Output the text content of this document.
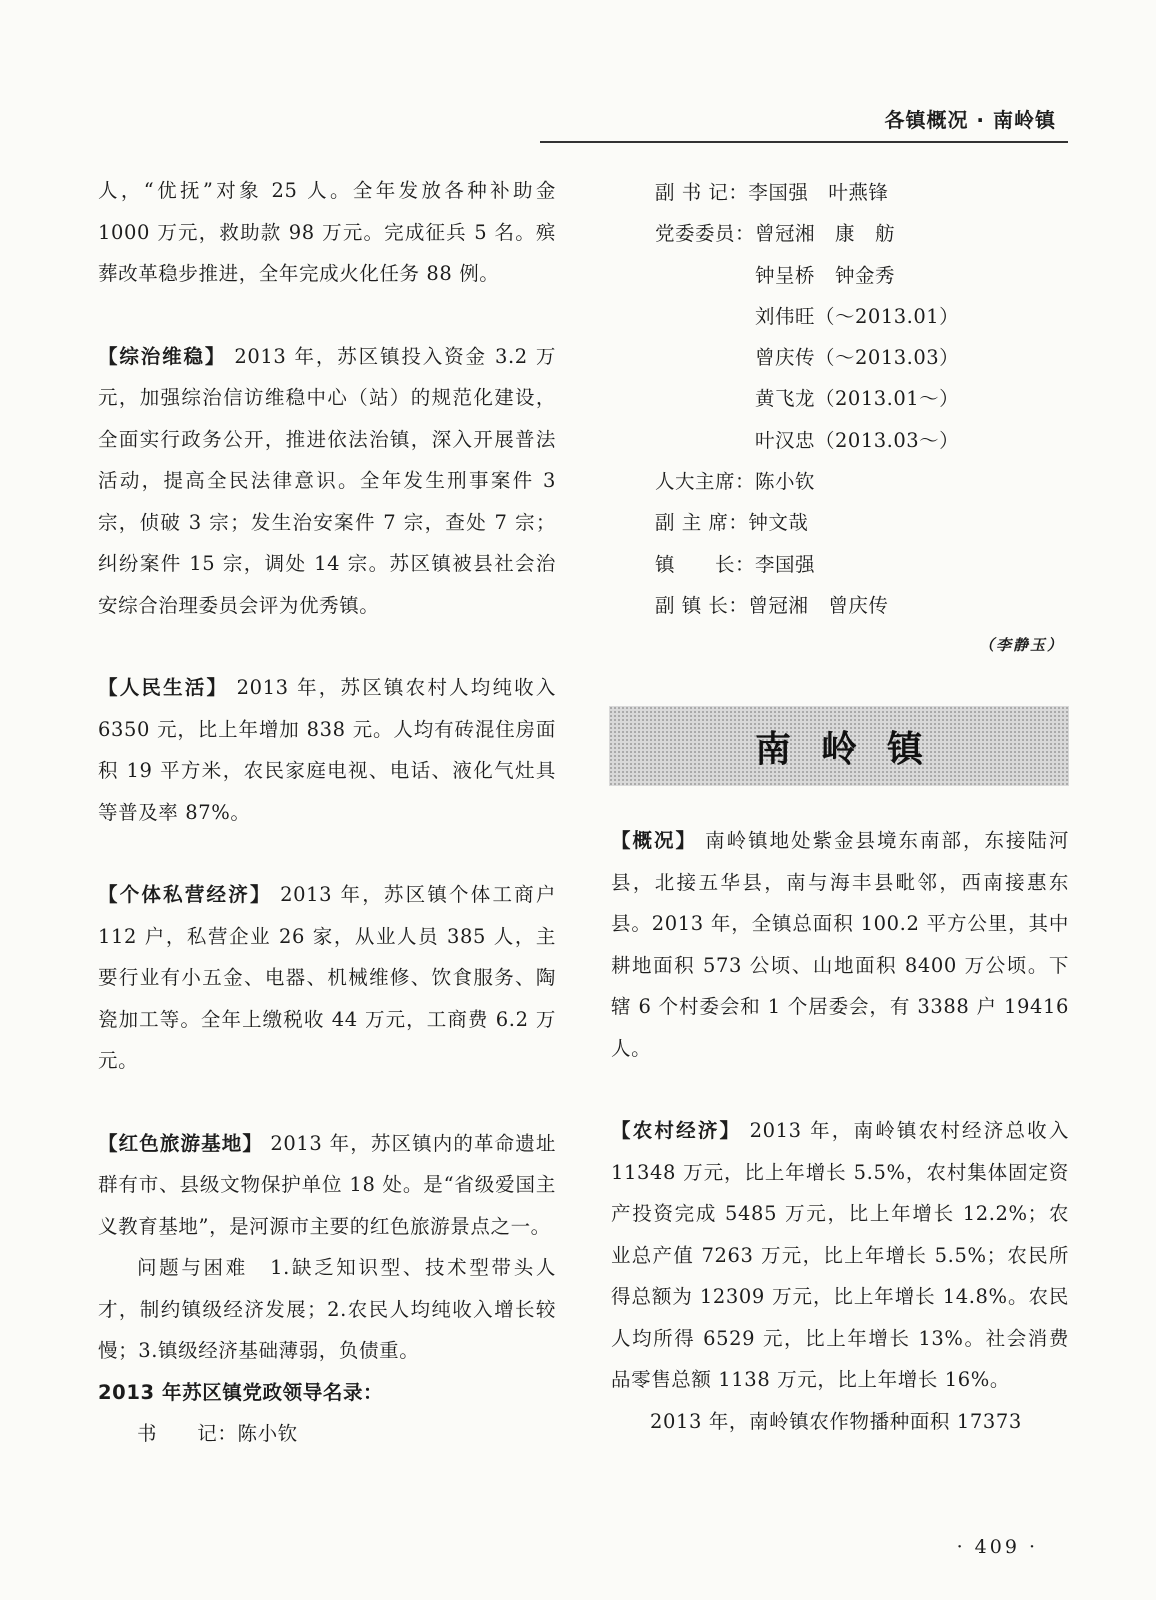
各镇概况 · 南岭镇

人，“优抚”对象 25 人。全年发放各种补助金 1000 万元，救助款 98 万元。完成征兵 5 名。殡葬改革稳步推进，全年完成火化任务 88 例。

【综治维稳】 2013 年，苏区镇投入资金 3.2 万元，加强综治信访维稳中心（站）的规范化建设，全面实行政务公开，推进依法治镇，深入开展普法活动，提高全民法律意识。全年发生刑事案件 3 宗，侦破 3 宗；发生治安案件 7 宗，查处 7 宗；纠纷案件 15 宗，调处 14 宗。苏区镇被县社会治安综合治理委员会评为优秀镇。

【人民生活】 2013 年，苏区镇农村人均纯收入 6350 元，比上年增加 838 元。人均有砖混住房面积 19 平方米，农民家庭电视、电话、液化气灶具等普及率 87%。

【个体私营经济】 2013 年，苏区镇个体工商户 112 户，私营企业 26 家，从业人员 385 人，主要行业有小五金、电器、机械维修、饮食服务、陶瓷加工等。全年上缴税收 44 万元，工商费 6.2 万元。

【红色旅游基地】 2013 年，苏区镇内的革命遗址群有市、县级文物保护单位 18 处。是“省级爱国主义教育基地”，是河源市主要的红色旅游景点之一。

问题与困难　1.缺乏知识型、技术型带头人才，制约镇级经济发展；2.农民人均纯收入增长较慢；3.镇级经济基础薄弱，负债重。

2013 年苏区镇党政领导名录：

书　　记：陈小钦

副 书 记：李国强　叶燕锋
党委委员：曾冠湘　康　舫
　　　　　钟呈桥　钟金秀
　　　　　刘伟旺（～2013.01）
　　　　　曾庆传（～2013.03）
　　　　　黄飞龙（2013.01～）
　　　　　叶汉忠（2013.03～）
人大主席：陈小钦
副 主 席：钟文哉
镇　　长：李国强
副 镇 长：曾冠湘　曾庆传
（李静玉）
南岭镇

【概况】 南岭镇地处紫金县境东南部，东接陆河县，北接五华县，南与海丰县毗邻，西南接惠东县。2013 年，全镇总面积 100.2 平方公里，其中耕地面积 573 公顷、山地面积 8400 万公顷。下辖 6 个村委会和 1 个居委会，有 3388 户 19416 人。

【农村经济】 2013 年，南岭镇农村经济总收入 11348 万元，比上年增长 5.5%，农村集体固定资产投资完成 5485 万元，比上年增长 12.2%；农业总产值 7263 万元，比上年增长 5.5%；农民所得总额为 12309 万元，比上年增长 14.8%。农民人均所得 6529 元，比上年增长 13%。社会消费品零售总额 1138 万元，比上年增长 16%。

2013 年，南岭镇农作物播种面积 17373

· 409 ·
